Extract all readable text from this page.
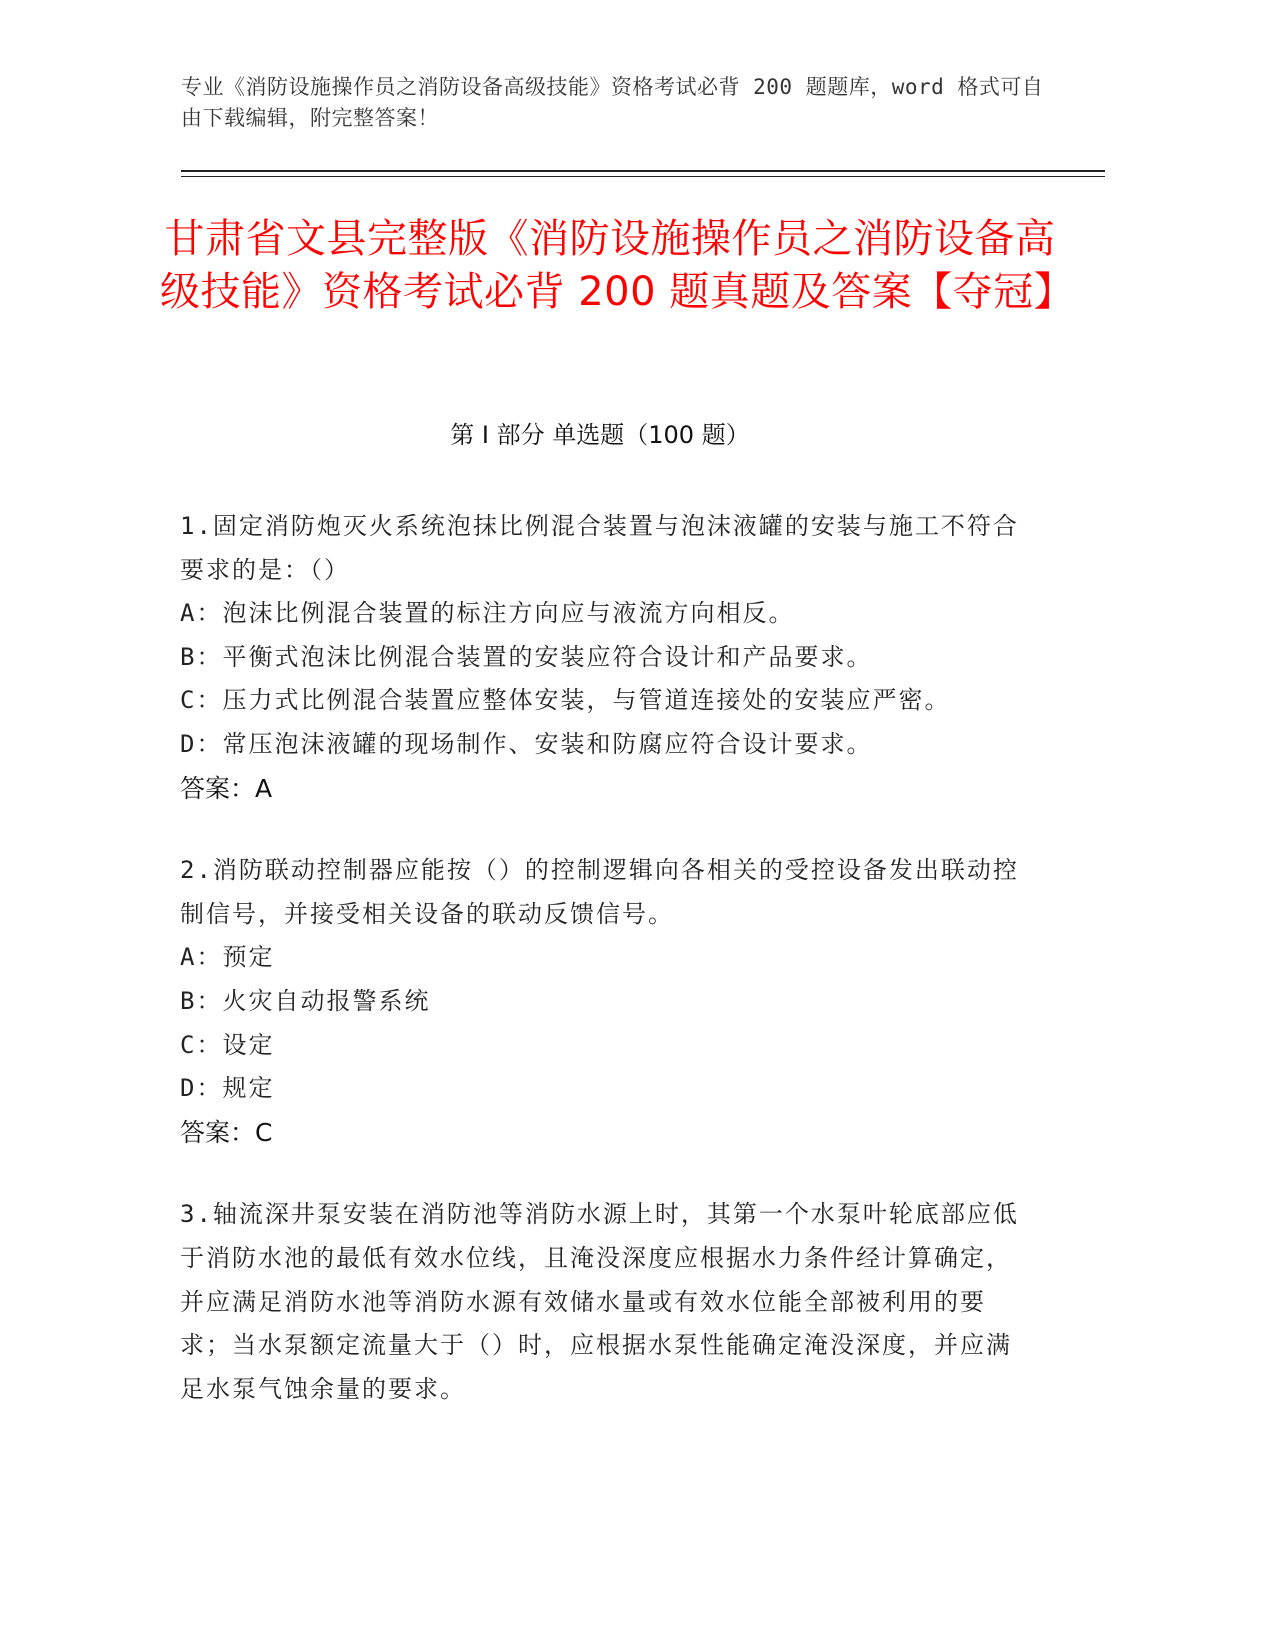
专业《消防设施操作员之消防设备高级技能》资格考试必背 200 题题库，word 格式可自由下载编辑，附完整答案！
甘肃省文县完整版《消防设施操作员之消防设备高级技能》资格考试必背 200 题真题及答案【夺冠】
第 I 部分 单选题（100 题）

1.固定消防炮灭火系统泡抹比例混合装置与泡沫液罐的安装与施工不符合要求的是：（）

A：泡沫比例混合装置的标注方向应与液流方向相反。

B：平衡式泡沫比例混合装置的安装应符合设计和产品要求。

C：压力式比例混合装置应整体安装，与管道连接处的安装应严密。

D：常压泡沫液罐的现场制作、安装和防腐应符合设计要求。

答案：A

2.消防联动控制器应能按（）的控制逻辑向各相关的受控设备发出联动控制信号，并接受相关设备的联动反馈信号。

A：预定

B：火灾自动报警系统

C：设定

D：规定

答案：C

3.轴流深井泵安装在消防池等消防水源上时，其第一个水泵叶轮底部应低于消防水池的最低有效水位线，且淹没深度应根据水力条件经计算确定，并应满足消防水池等消防水源有效储水量或有效水位能全部被利用的要求；当水泵额定流量大于（）时，应根据水泵性能确定淹没深度，并应满足水泵气蚀余量的要求。
